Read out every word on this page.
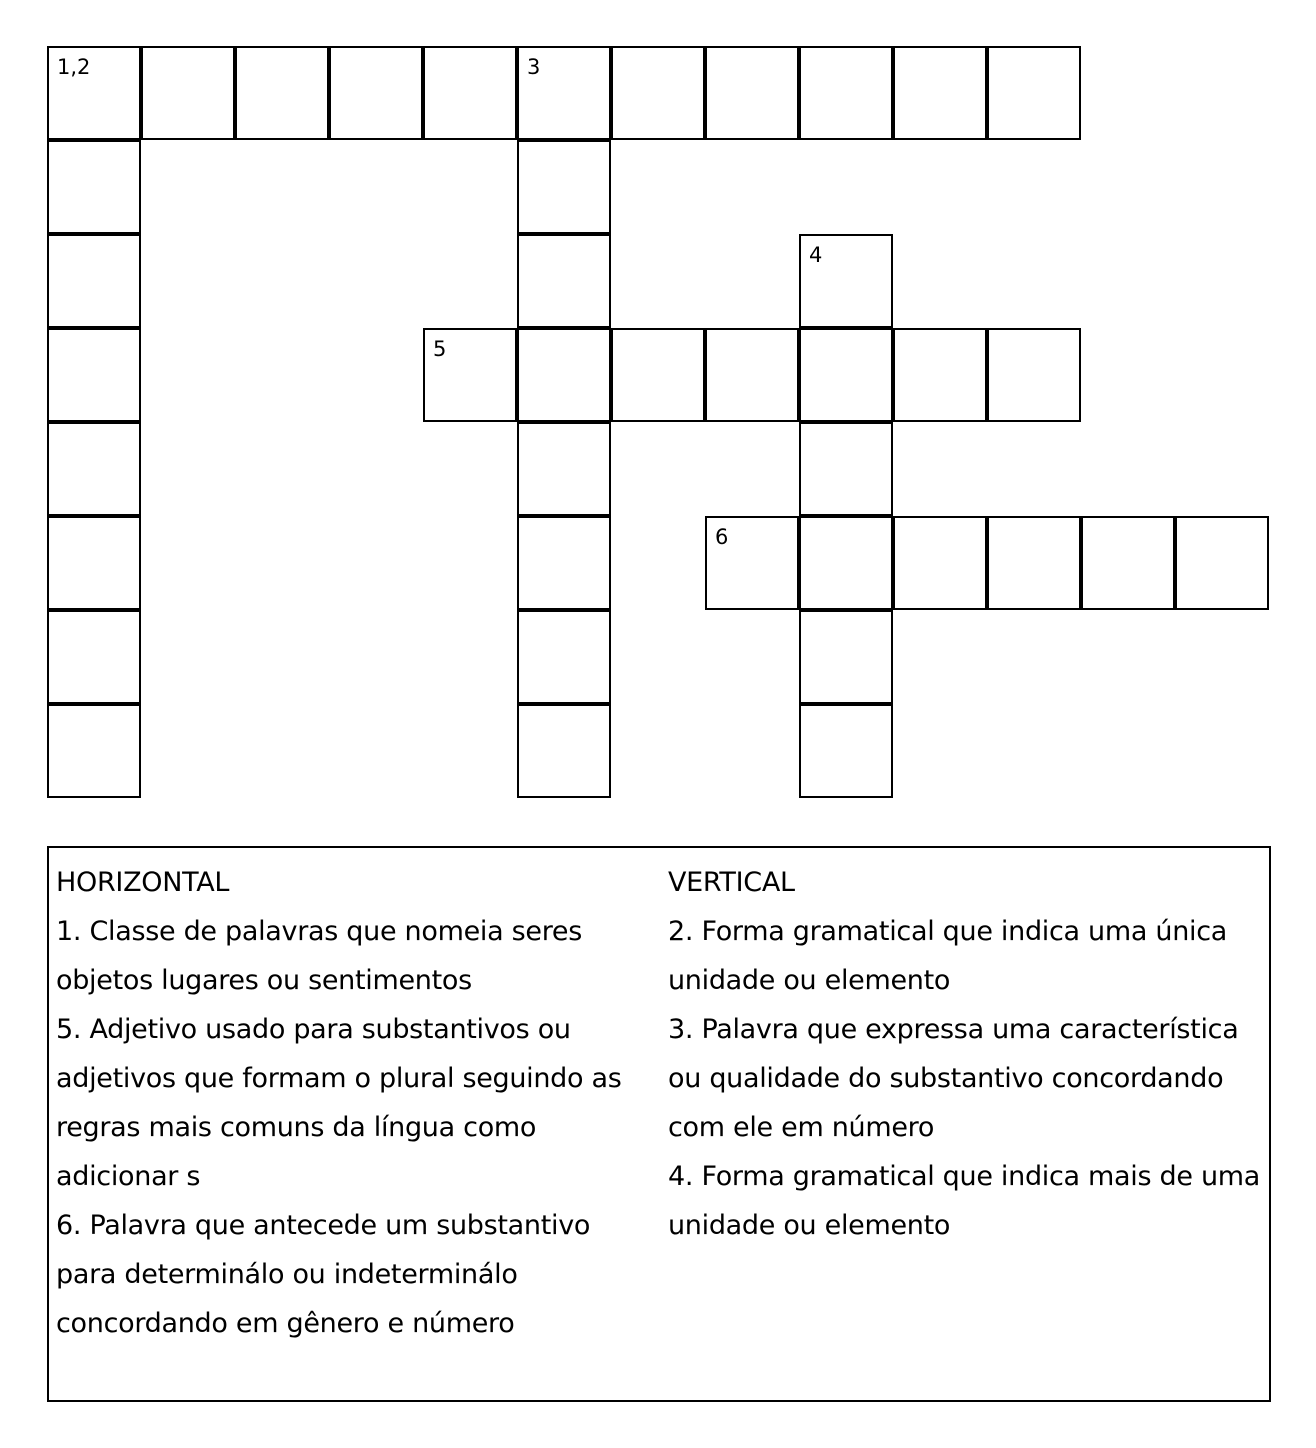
1,2	3
4
5
6
HORIZONTAL
1. Classe de palavras que nomeia seres objetos lugares ou sentimentos
5. Adjetivo usado para substantivos ou adjetivos que formam o plural seguindo as regras mais comuns da língua como adicionar s
6. Palavra que antecede um substantivo para determinálo ou indeterminálo concordando em gênero e número
VERTICAL
2. Forma gramatical que indica uma única unidade ou elemento
3. Palavra que expressa uma característica ou qualidade do substantivo concordando com ele em número
4. Forma gramatical que indica mais de uma unidade ou elemento
